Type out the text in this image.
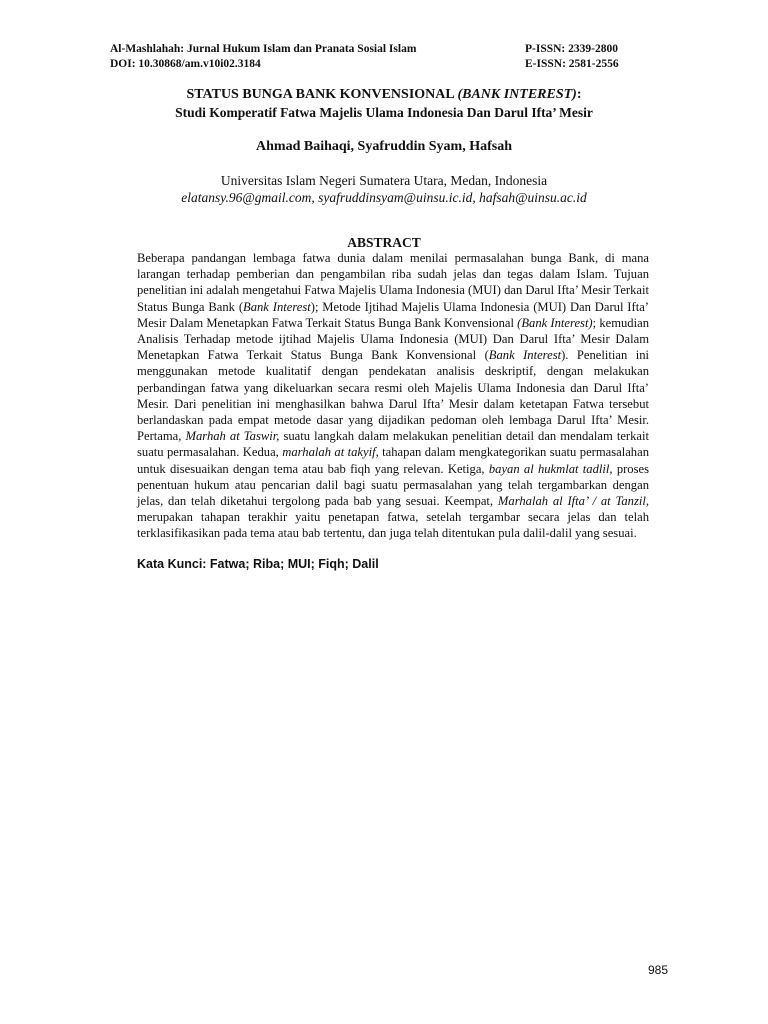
Al-Mashlahah: Jurnal Hukum Islam dan Pranata Sosial Islam	P-ISSN: 2339-2800
DOI: 10.30868/am.v10i02.3184	E-ISSN: 2581-2556
STATUS BUNGA BANK KONVENSIONAL (BANK INTEREST):
Studi Komperatif Fatwa Majelis Ulama Indonesia Dan Darul Ifta’ Mesir
Ahmad Baihaqi, Syafruddin Syam, Hafsah
Universitas Islam Negeri Sumatera Utara, Medan, Indonesia
elatansy.96@gmail.com, syafruddinsyam@uinsu.ic.id, hafsah@uinsu.ac.id
ABSTRACT
Beberapa pandangan lembaga fatwa dunia dalam menilai permasalahan bunga Bank, di mana larangan terhadap pemberian dan pengambilan riba sudah jelas dan tegas dalam Islam. Tujuan penelitian ini adalah mengetahui Fatwa Majelis Ulama Indonesia (MUI) dan Darul Ifta’ Mesir Terkait Status Bunga Bank (Bank Interest); Metode Ijtihad Majelis Ulama Indonesia (MUI) Dan Darul Ifta’ Mesir Dalam Menetapkan Fatwa Terkait Status Bunga Bank Konvensional (Bank Interest); kemudian Analisis Terhadap metode ijtihad Majelis Ulama Indonesia (MUI) Dan Darul Ifta’ Mesir Dalam Menetapkan Fatwa Terkait Status Bunga Bank Konvensional (Bank Interest). Penelitian ini menggunakan metode kualitatif dengan pendekatan analisis deskriptif, dengan melakukan perbandingan fatwa yang dikeluarkan secara resmi oleh Majelis Ulama Indonesia dan Darul Ifta’ Mesir. Dari penelitian ini menghasilkan bahwa Darul Ifta’ Mesir dalam ketetapan Fatwa tersebut berlandaskan pada empat metode dasar yang dijadikan pedoman oleh lembaga Darul Ifta’ Mesir. Pertama, Marhah at Taswir, suatu langkah dalam melakukan penelitian detail dan mendalam terkait suatu permasalahan. Kedua, marhalah at takyif, tahapan dalam mengkategorikan suatu permasalahan untuk disesuaikan dengan tema atau bab fiqh yang relevan. Ketiga, bayan al hukmlat tadlil, proses penentuan hukum atau pencarian dalil bagi suatu permasalahan yang telah tergambarkan dengan jelas, dan telah diketahui tergolong pada bab yang sesuai. Keempat, Marhalah al Ifta’ / at Tanzil, merupakan tahapan terakhir yaitu penetapan fatwa, setelah tergambar secara jelas dan telah terklasifikasikan pada tema atau bab tertentu, dan juga telah ditentukan pula dalil-dalil yang sesuai.
Kata Kunci: Fatwa; Riba; MUI; Fiqh; Dalil
985
